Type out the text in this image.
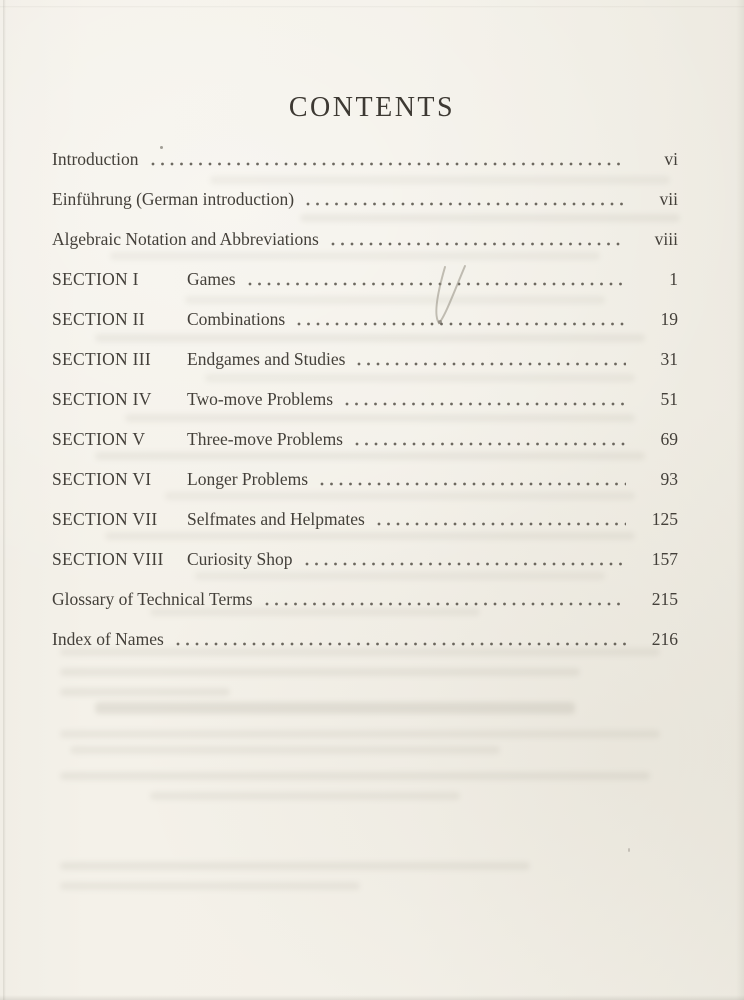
CONTENTS
Introduction	vi
Einführung (German introduction)	vii
Algebraic Notation and Abbreviations	viii
SECTION I	Games	1
SECTION II	Combinations	19
SECTION III	Endgames and Studies	31
SECTION IV	Two-move Problems	51
SECTION V	Three-move Problems	69
SECTION VI	Longer Problems	93
SECTION VII	Selfmates and Helpmates	125
SECTION VIII	Curiosity Shop	157
Glossary of Technical Terms	215
Index of Names	216
